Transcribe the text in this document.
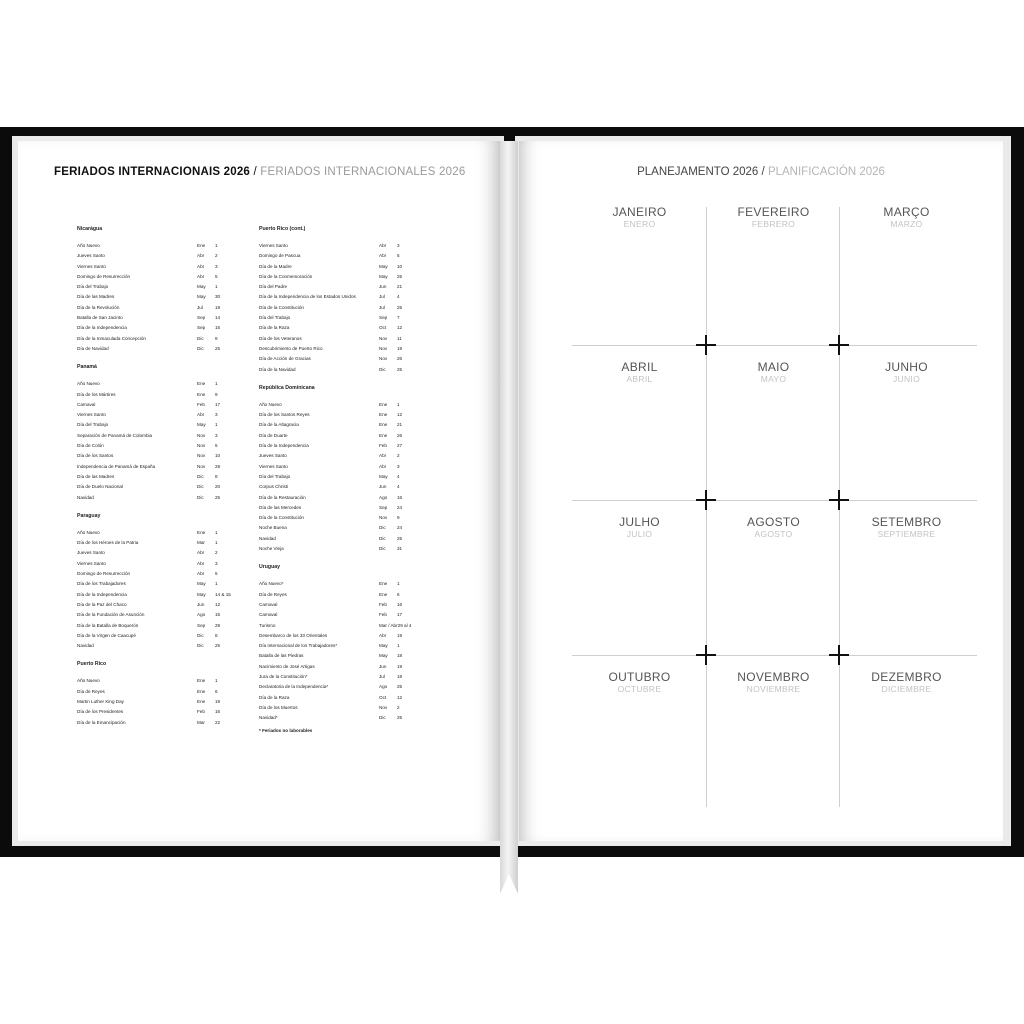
FERIADOS INTERNACIONAIS 2026 / FERIADOS INTERNACIONALES 2026
Nicarágua
Año Nuevo	Ene	1
Jueves Santo	Abr	2
Viernes Santo	Abr	3
Domingo de Resurrección	Abr	5
Día del Trabajo	May	1
Día de las Madres	May	30
Día de la Revolución	Jul	19
Batalla de San Jacinto	Sep	14
Día de la Independencia	Sep	15
Día de la Inmaculada Concepción	Dic	8
Día de Navidad	Dic	25
Panamá
Año Nuevo	Ene	1
Día de los Mártires	Ene	9
Carnaval	Feb	17
Viernes Santo	Abr	3
Día del Trabajo	May	1
Separación de Panamá de Colombia	Nov	3
Día de Colón	Nov	5
Día de los Santos	Nov	10
Independencia de Panamá de España	Nov	28
Día de las Madres	Dic	8
Día de Duelo Nacional	Dic	20
Navidad	Dic	25
Paraguay
Año Nuevo	Ene	1
Día de los Héroes de la Patria	Mar	1
Jueves Santo	Abr	2
Viernes Santo	Abr	3
Domingo de Resurrección	Abr	5
Día de los Trabajadores	May	1
Día de la Independencia	May	14 & 15
Día de la Paz del Chaco	Jun	12
Día de la Fundación de Asunción	Ago	15
Día de la Batalla de Boquerón	Sep	29
Día de la Virgen de Caacupé	Dic	8
Navidad	Dic	25
Puerto Rico
Año Nuevo	Ene	1
Día de Reyes	Ene	6
Martin Luther King Day	Ene	19
Día de los Presidentes	Feb	16
Día de la Emancipación	Mar	22
Puerto Rico (cont.)
Viernes Santo	Abr	3
Domingo de Pascua	Abr	5
Día de la Madre	May	10
Día de la Conmemoración	May	25
Día del Padre	Jun	21
Día de la Independencia de los Estados Unidos	Jul	4
Día de la Constitución	Jul	25
Día del Trabajo	Sep	7
Día de la Raza	Oct	12
Día de los Veteranos	Nov	11
Descubrimiento de Puerto Rico	Nov	19
Día de Acción de Gracias	Nov	26
Día de la Navidad	Dic	25
República Dominicana
Año Nuevo	Ene	1
Día de los Santos Reyes	Ene	12
Día de la Altagracia	Ene	21
Día de Duarte	Ene	26
Día de la Independencia	Feb	27
Jueves Santo	Abr	2
Viernes Santo	Abr	3
Día del Trabajo	May	4
Corpus Christi	Jun	4
Día de la Restauración	Ago	16
Día de las Mercedes	Sep	24
Día de la Constitución	Nov	9
Noche Buena	Dic	24
Navidad	Dic	25
Noche Vieja	Dic	31
Uruguay
Año Nuevo*	Ene	1
Día de Reyes	Ene	6
Carnaval	Feb	16
Carnaval	Feb	17
Turismo	Mar / Abr 29 al 4
Desembarco de los 33 Orientales	Abr	19
Día Internacional de los Trabajadores*	May	1
Batalla de las Piedras	May	18
Nacimiento de José Artigas	Jun	19
Jura de la Constitución*	Jul	18
Declaratoria de la Independencia*	Ago	25
Día de la Raza	Oct	12
Día de los Muertos	Nov	2
Navidad*	Dic	25
* Feriados no laborables
PLANEJAMENTO 2026 / PLANIFICACIÓN 2026
JANEIRO
ENERO
FEVEREIRO
FEBRERO
MARÇO
MARZO
ABRIL
ABRIL
MAIO
MAYO
JUNHO
JUNIO
JULHO
JULIO
AGOSTO
AGOSTO
SETEMBRO
SEPTIEMBRE
OUTUBRO
OCTUBRE
NOVEMBRO
NOVIEMBRE
DEZEMBRO
DICIEMBRE
